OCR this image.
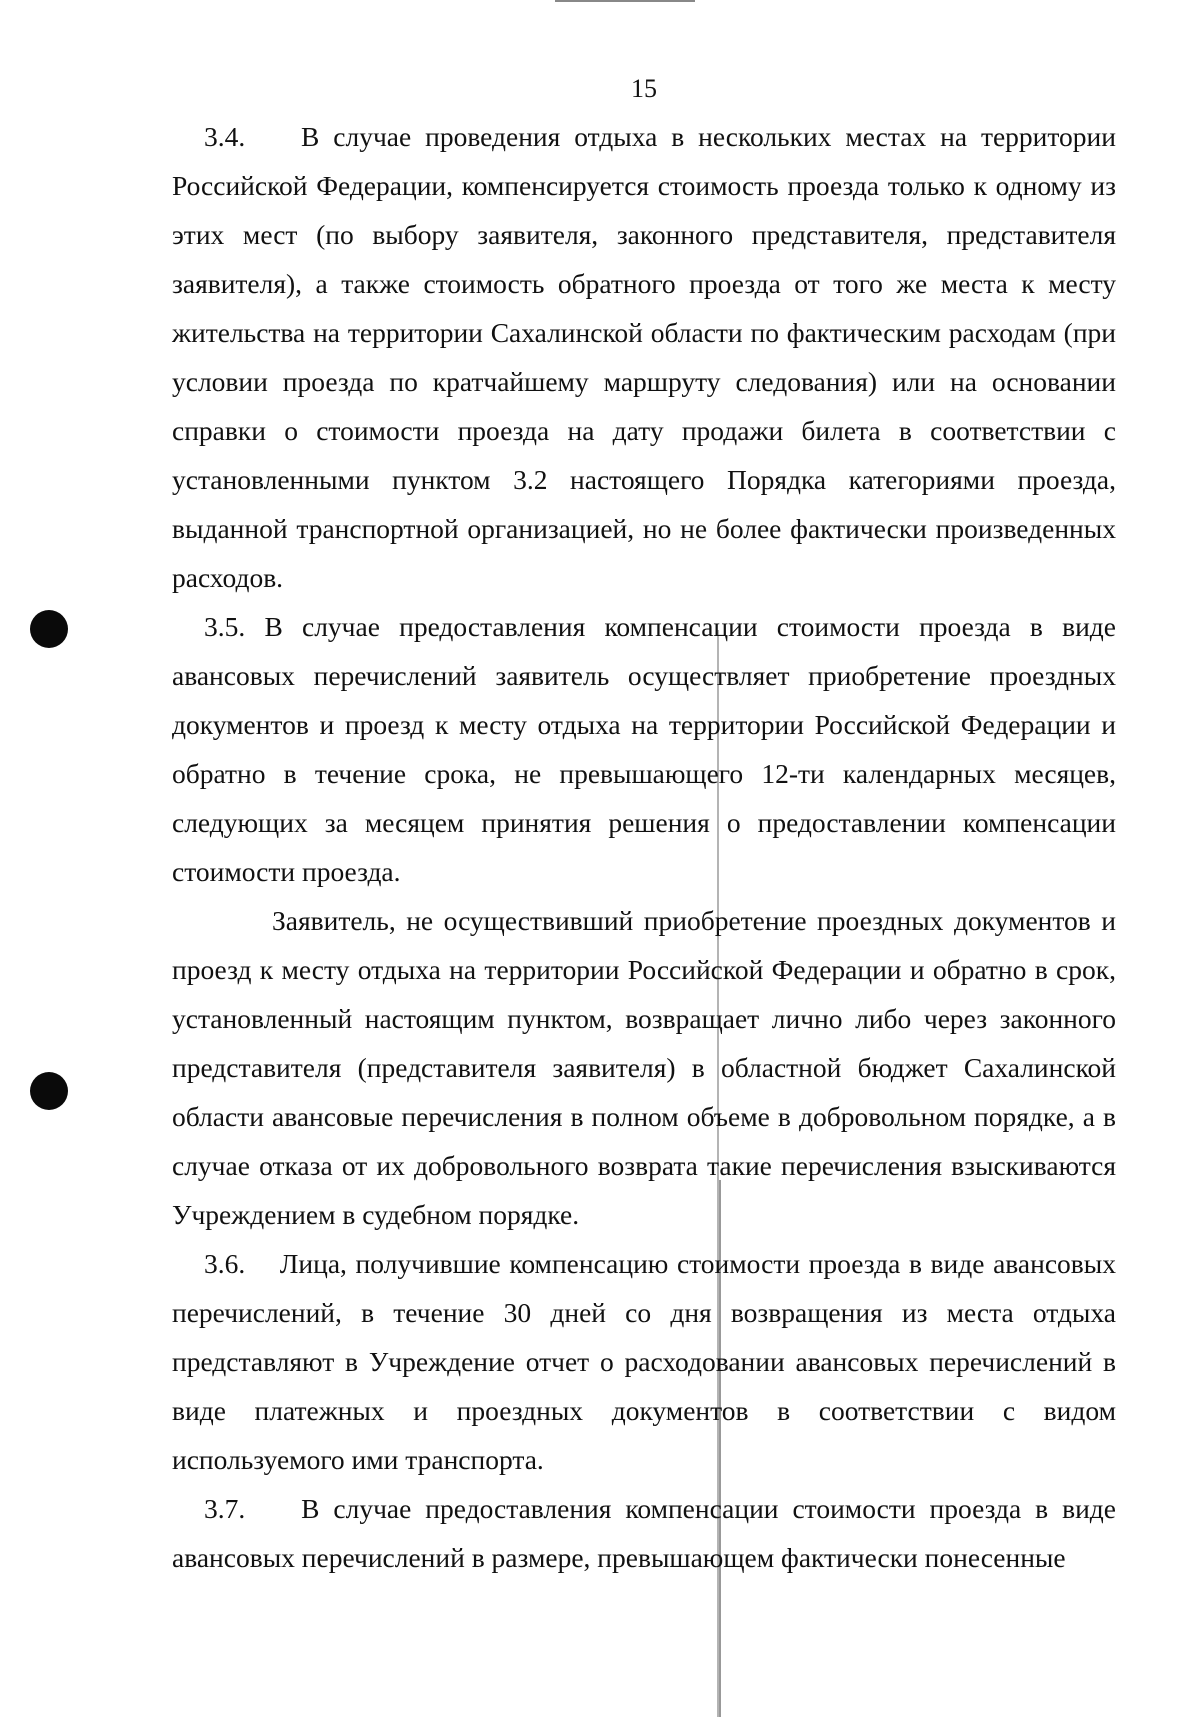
15

3.4. В случае проведения отдыха в нескольких местах на территории Российской Федерации, компенсируется стоимость проезда только к одному из этих мест (по выбору заявителя, законного представителя, представителя заявителя), а также стоимость обратного проезда от того же места к месту жительства на территории Сахалинской области по фактическим расходам (при условии проезда по кратчайшему маршруту следования) или на основании справки о стоимости проезда на дату продажи билета в соответствии с установленными пунктом 3.2 настоящего Порядка категориями проезда, выданной транспортной организацией, но не более фактически произведенных расходов.

3.5. В случае предоставления компенсации стоимости проезда в виде авансовых перечислений заявитель осуществляет приобретение проездных документов и проезд к месту отдыха на территории Российской Федерации и обратно в течение срока, не превышающего 12-ти календарных месяцев, следующих за месяцем принятия решения о предоставлении компенсации стоимости проезда.

Заявитель, не осуществивший приобретение проездных документов и проезд к месту отдыха на территории Российской Федерации и обратно в срок, установленный настоящим пунктом, возвращает лично либо через законного представителя (представителя заявителя) в областной бюджет Сахалинской области авансовые перечисления в полном объеме в добровольном порядке, а в случае отказа от их добровольного возврата такие перечисления взыскиваются Учреждением в судебном порядке.

3.6. Лица, получившие компенсацию стоимости проезда в виде авансовых перечислений, в течение 30 дней со дня возвращения из места отдыха представляют в Учреждение отчет о расходовании авансовых перечислений в виде платежных и проездных документов в соответствии с видом используемого ими транспорта.

3.7. В случае предоставления компенсации стоимости проезда в виде авансовых перечислений в размере, превышающем фактически понесенные
